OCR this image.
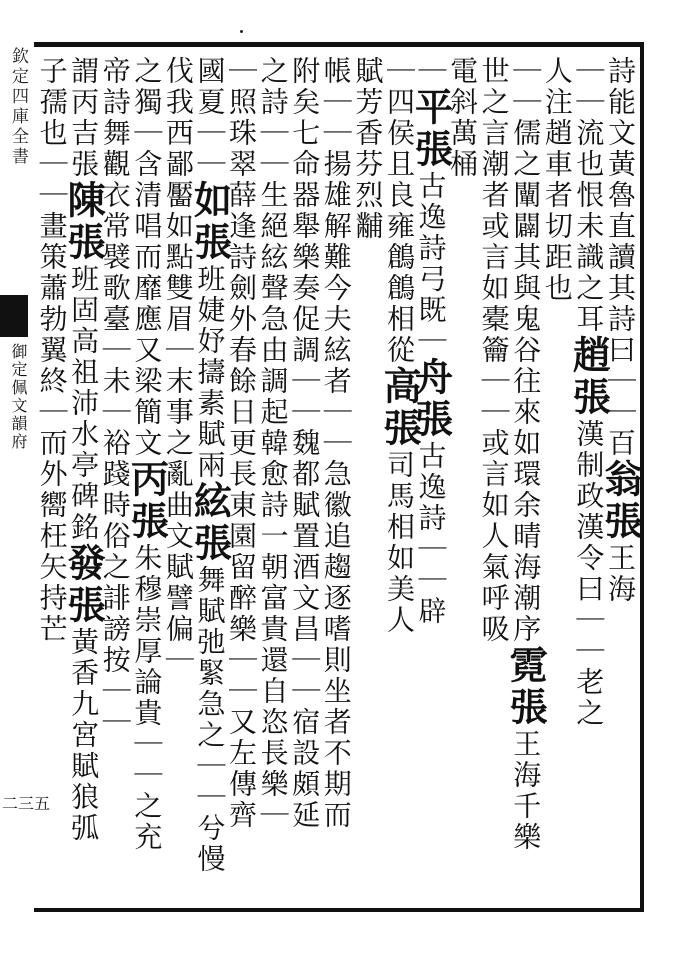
欽定四庫全書
御定佩文韻府
二三五
詩能文黃魯直讀其詩曰｜｜百翁張王海
｜｜流也恨未識之耳趙張漢制政漢令曰｜｜老之
人注趙車者切距也
｜｜儒之闡闢其與鬼谷往來如環余晴海潮序霓張王海千樂
世之言潮者或言如橐籥｜｜或言如人氣呼吸
電斜萬桶
｜平張古逸詩弓既｜舟張古逸詩｜｜辟
｜四侯且良雍鶬鶬相從高張司馬相如美人
賦芳香芬烈黼
帳｜｜揚雄解難今夫絃者｜｜急徽追趨逐嗜則坐者不期而
附矣七命器舉樂奏促調｜｜魏都賦置酒文昌｜｜宿設頗延
之詩｜｜生絕絃聲急由調起韓愈詩一朝富貴還自恣長樂｜
｜照珠翠薛逢詩劍外春餘日更長東園留醉樂｜｜又左傳齊
國夏｜｜如張班婕妤擣素賦兩絃張舞賦弛緊急之｜｜兮慢
伐我西鄙靨如點雙眉｜末事之亂曲文賦譬偏｜
之獨｜含清唱而靡應又梁簡文丙張朱穆崇厚論貴｜｜之充
帝詩舞觀衣常襞歌臺｜未｜裕踐時俗之誹謗按｜｜
謂丙吉張陳張班固高祖沛水亭碑銘發張黃香九宮賦狼弧
子孺也｜｜畫策蕭勃翼終｜而外嚮枉矢持芒
